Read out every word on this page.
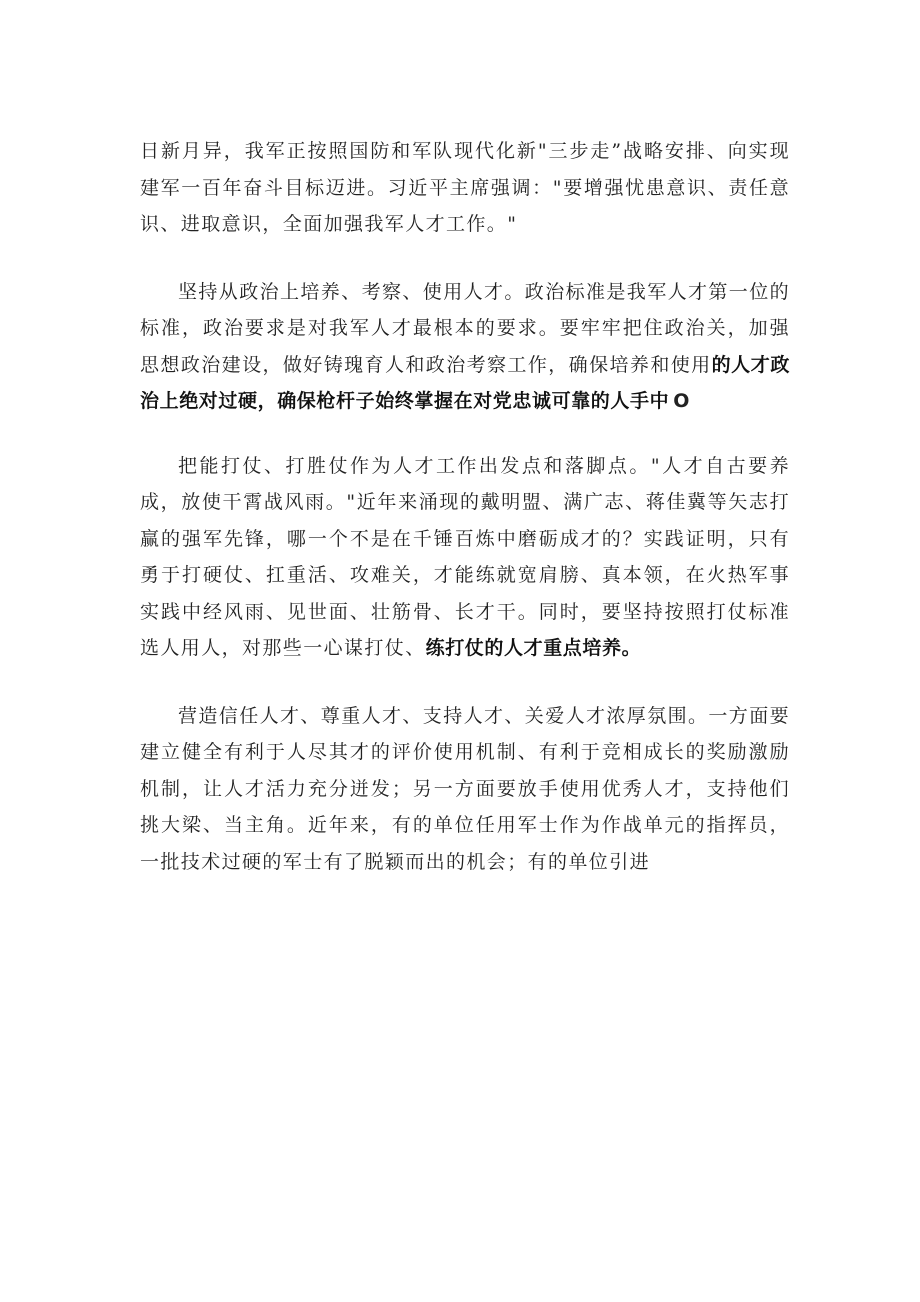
日新月异，我军正按照国防和军队现代化新"三步走”战略安排、向实现建军一百年奋斗目标迈进。习近平主席强调："要增强忧患意识、责任意识、进取意识，全面加强我军人才工作。"

坚持从政治上培养、考察、使用人才。政治标准是我军人才第一位的标准，政治要求是对我军人才最根本的要求。要牢牢把住政治关，加强思想政治建设，做好铸瑰育人和政治考察工作，确保培养和使用的人才政治上绝对过硬，确保枪杆子始终掌握在对党忠诚可靠的人手中 O

把能打仗、打胜仗作为人才工作出发点和落脚点。"人才自古要养成，放使干霄战风雨。"近年来涌现的戴明盟、满广志、蒋佳冀等矢志打赢的强军先锋，哪一个不是在千锤百炼中磨砺成才的？实践证明，只有勇于打硬仗、扛重活、攻难关，才能练就宽肩膀、真本领，在火热军事实践中经风雨、见世面、壮筋骨、长才干。同时，要坚持按照打仗标准选人用人，对那些一心谋打仗、练打仗的人才重点培养。

营造信任人才、尊重人才、支持人才、关爱人才浓厚氛围。一方面要建立健全有利于人尽其才的评价使用机制、有利于竞相成长的奖励激励机制，让人才活力充分迸发；另一方面要放手使用优秀人才，支持他们挑大梁、当主角。近年来，有的单位任用军士作为作战单元的指挥员，一批技术过硬的军士有了脱颖而出的机会；有的单位引进
